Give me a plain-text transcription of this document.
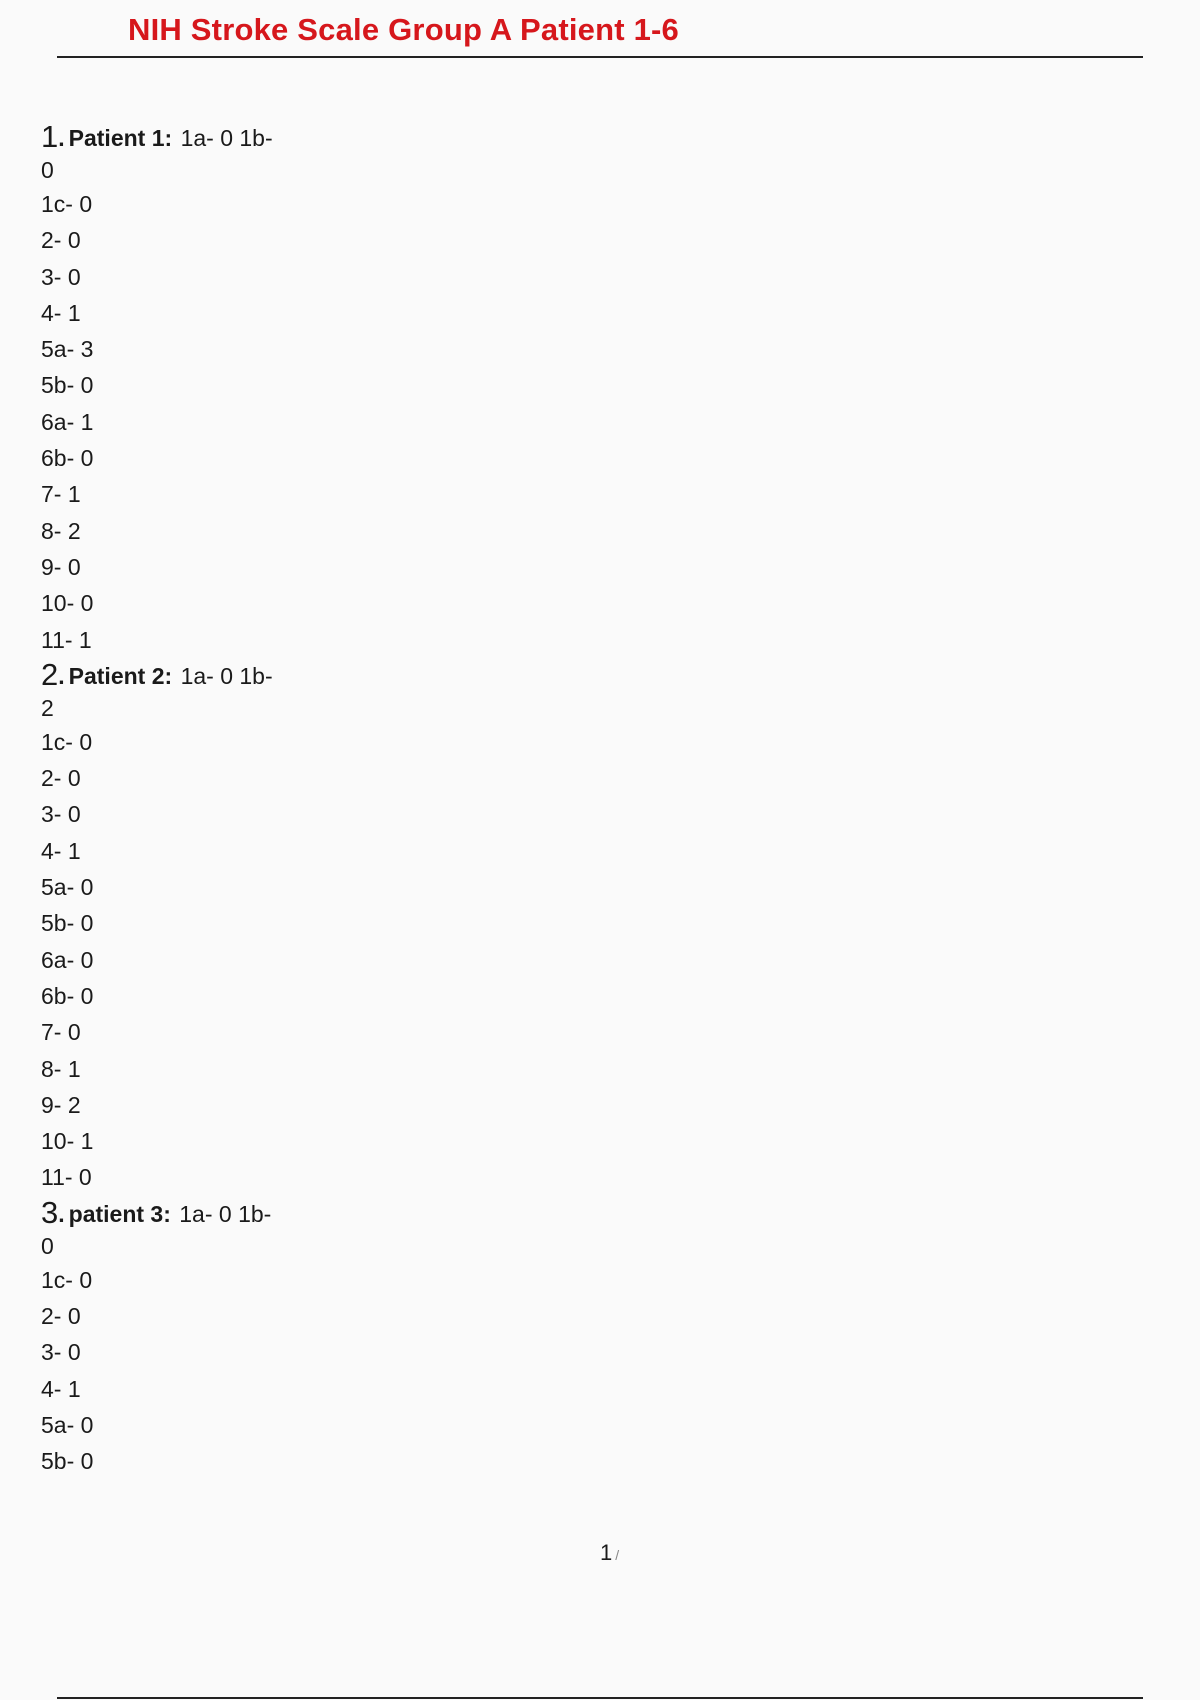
NIH Stroke Scale Group A Patient 1-6
1. Patient 1: 1a- 0 1b-
0
1c- 0
2- 0
3- 0
4- 1
5a- 3
5b- 0
6a- 1
6b- 0
7- 1
8- 2
9- 0
10- 0
11- 1
2. Patient 2: 1a- 0 1b-
2
1c- 0
2- 0
3- 0
4- 1
5a- 0
5b- 0
6a- 0
6b- 0
7- 0
8- 1
9- 2
10- 1
11- 0
3. patient 3: 1a- 0 1b-
0
1c- 0
2- 0
3- 0
4- 1
5a- 0
5b- 0
1 /
